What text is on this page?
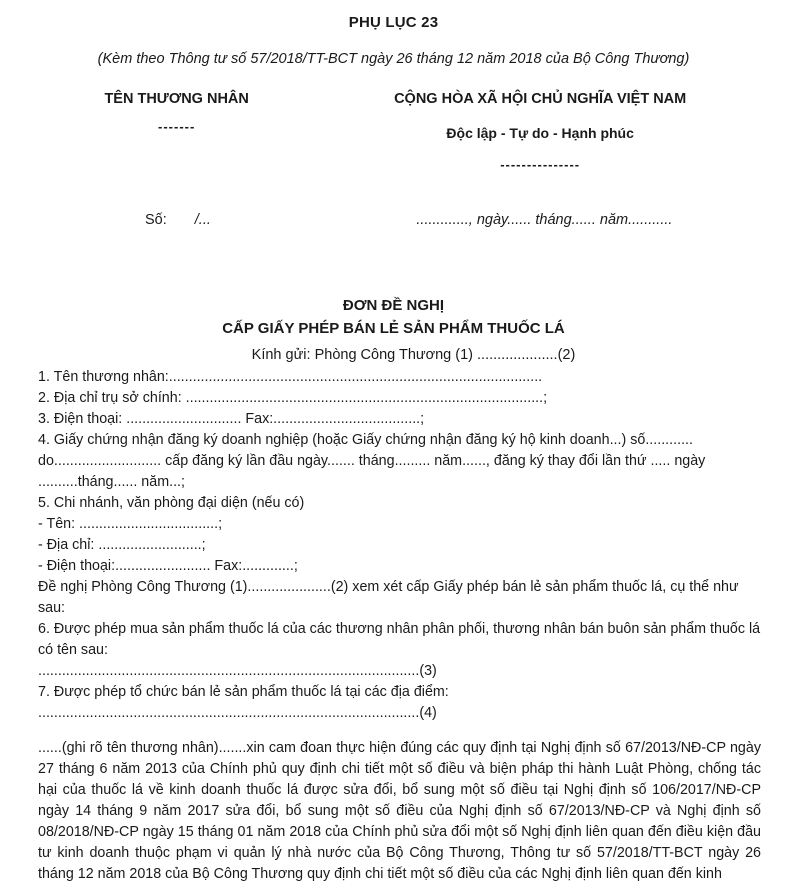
PHỤ LỤC 23
(Kèm theo Thông tư số 57/2018/TT-BCT ngày 26 tháng 12 năm 2018 của Bộ Công Thương)
TÊN THƯƠNG NHÂN
-------
CỘNG HÒA XÃ HỘI CHỦ NGHĨA VIỆT NAM
Độc lập - Tự do - Hạnh phúc
---------------
Số: /...	............., ngày...... tháng...... năm...........
ĐƠN ĐỀ NGHỊ
CẤP GIẤY PHÉP BÁN LẺ SẢN PHẨM THUỐC LÁ
Kính gửi: Phòng Công Thương (1) ....................(2)

1. Tên thương nhân:..............................................................................................

2. Địa chỉ trụ sở chính: ..........................................................................................;

3. Điện thoại: ............................. Fax:.....................................;

4. Giấy chứng nhận đăng ký doanh nghiệp (hoặc Giấy chứng nhận đăng ký hộ kinh doanh...) số............

do........................... cấp đăng ký lần đầu ngày....... tháng......... năm......, đăng ký thay đổi lần thứ ..... ngày ..........tháng...... năm...;

5. Chi nhánh, văn phòng đại diện (nếu có)

- Tên: ...................................;

- Địa chỉ: ..........................;

- Điện thoại:........................ Fax:.............;

Đề nghị Phòng Công Thương (1).....................(2) xem xét cấp Giấy phép bán lẻ sản phẩm thuốc lá, cụ thể như sau:

6. Được phép mua sản phẩm thuốc lá của các thương nhân phân phối, thương nhân bán buôn sản phẩm thuốc lá có tên sau:

................................................................................................(3)

7. Được phép tổ chức bán lẻ sản phẩm thuốc lá tại các địa điểm:

................................................................................................(4)

......(ghi rõ tên thương nhân).......xin cam đoan thực hiện đúng các quy định tại Nghị định số 67/2013/NĐ-CP ngày 27 tháng 6 năm 2013 của Chính phủ quy định chi tiết một số điều và biện pháp thi hành Luật Phòng, chống tác hại của thuốc lá về kinh doanh thuốc lá được sửa đổi, bổ sung một số điều tại Nghị định số 106/2017/NĐ-CP ngày 14 tháng 9 năm 2017 sửa đổi, bổ sung một số điều của Nghị định số 67/2013/NĐ-CP và Nghị định số 08/2018/NĐ-CP ngày 15 tháng 01 năm 2018 của Chính phủ sửa đổi một số Nghị định liên quan đến điều kiện đầu tư kinh doanh thuộc phạm vi quản lý nhà nước của Bộ Công Thương, Thông tư số 57/2018/TT-BCT ngày 26 tháng 12 năm 2018 của Bộ Công Thương quy định chi tiết một số điều của các Nghị định liên quan đến kinh
